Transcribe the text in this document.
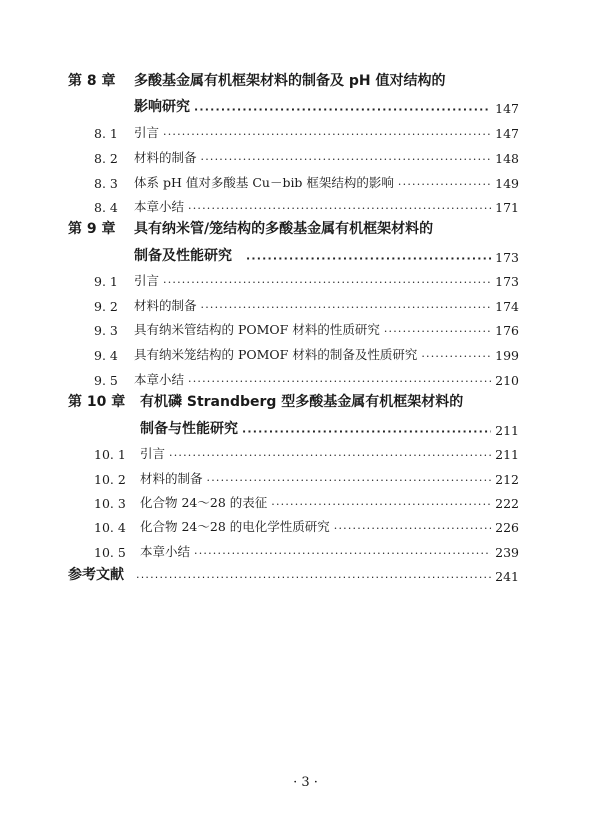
第 8 章	多酸基金属有机框架材料的制备及 pH 值对结构的
影响研究 ·····	147
8. 1	引言 ·····	147
8. 2	材料的制备 ·····	148
8. 3	体系 pH 值对多酸基 Cu－bib 框架结构的影响 ·····	149
8. 4	本章小结 ·····	171
第 9 章	具有纳米管/笼结构的多酸基金属有机框架材料的
制备及性能研究 ·····	173
9. 1	引言 ·····	173
9. 2	材料的制备 ·····	174
9. 3	具有纳米管结构的 POMOF 材料的性质研究 ·····	176
9. 4	具有纳米笼结构的 POMOF 材料的制备及性质研究 ·····	199
9. 5	本章小结 ·····	210
第 10 章	有机磷 Strandberg 型多酸基金属有机框架材料的
制备与性能研究 ·····	211
10. 1	引言 ·····	211
10. 2	材料的制备 ·····	212
10. 3	化合物 24～28 的表征 ·····	222
10. 4	化合物 24～28 的电化学性质研究 ·····	226
10. 5	本章小结 ·····	239
参考文献 ·····	241
· 3 ·
